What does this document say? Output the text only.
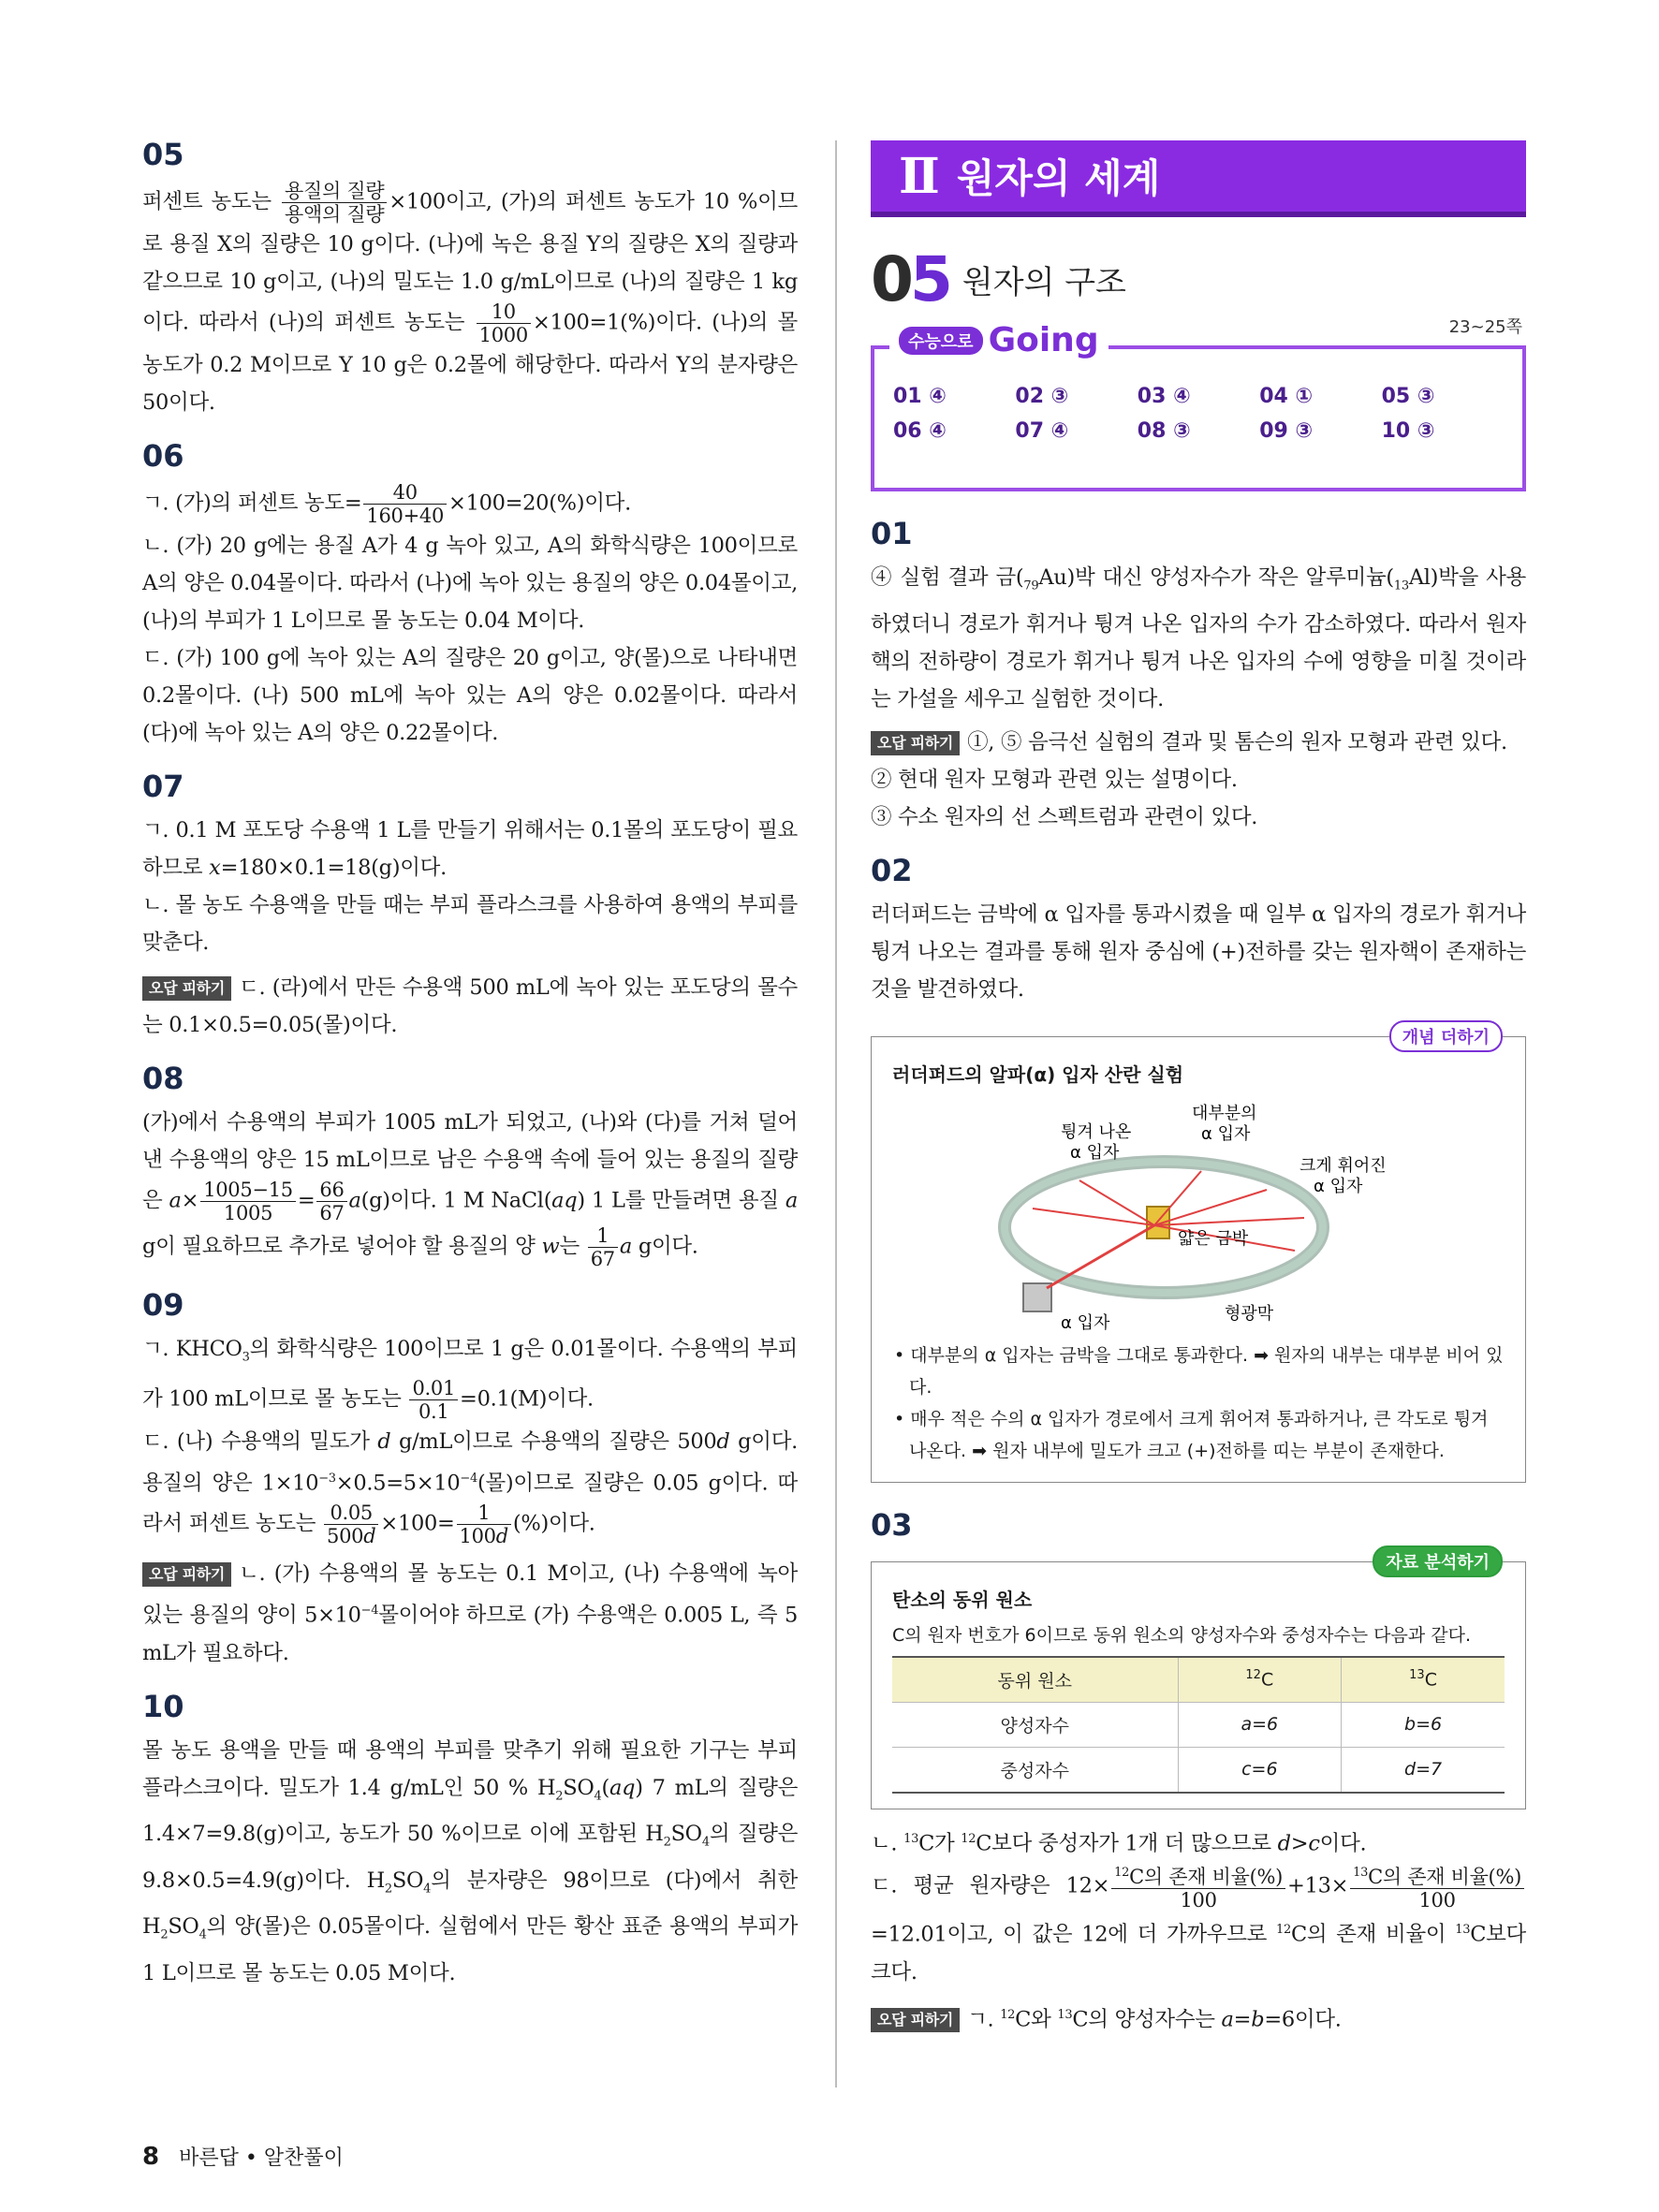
05

퍼센트 농도는 $\frac{\text{용질의 질량}}{\text{용액의 질량}} \times 100$이고, (가)의 퍼센트 농도가 10 %이므로 용질 X의 질량은 10 g이다. (나)에 녹은 용질 Y의 질량은 X의 질량과 같으므로 10 g이고, (나)의 밀도는 1.0 g/mL이므로 (나)의 질량은 1 kg이다. 따라서 (나)의 퍼센트 농도는 $\frac{10}{1000} \times 100=1(\%)$이다. (나)의 몰 농도가 0.2 M이므로 Y 10 g은 0.2몰에 해당한다. 따라서 Y의 분자량은 50이다.

06

ㄱ. (가)의 퍼센트 농도= $\frac{40}{160+40} \times 100=20(\%)$이다.
ㄴ. (가) 20 g에는 용질 A가 4 g 녹아 있고, A의 화학식량은 100이므로 A의 양은 0.04몰이다. 따라서 (나)에 녹아 있는 용질의 양은 0.04몰이고, (나)의 부피가 1 L이므로 몰 농도는 0.04 M이다.
ㄷ. (가) 100 g에 녹아 있는 A의 질량은 20 g이고, 양(몰)으로 나타내면 0.2몰이다. (나) 500 mL에 녹아 있는 A의 양은 0.02몰이다. 따라서 (다)에 녹아 있는 A의 양은 0.22몰이다.

07

ㄱ. 0.1 M 포도당 수용액 1 L를 만들기 위해서는 0.1몰의 포도당이 필요하므로 x=180×0.1=18(g)이다.
ㄴ. 몰 농도 수용액을 만들 때는 부피 플라스크를 사용하여 용액의 부피를 맞춘다.

오답 피하기 ㄷ. (라)에서 만든 수용액 500 mL에 녹아 있는 포도당의 몰수는 0.1×0.5=0.05(몰)이다.

08

(가)에서 수용액의 부피가 1005 mL가 되었고, (나)와 (다)를 거쳐 덜어낸 수용액의 양은 15 mL이므로 남은 수용액 속에 들어 있는 용질의 질량은 $a\times \frac{1005-15}{1005} = \frac{66}{67} a(g)$이다. 1 M NaCl(aq) 1 L를 만들려면 용질 a g이 필요하므로 추가로 넣어야 할 용질의 양 w는 $\frac{1}{67}$ a g이다.

09

ㄱ. $KHCO_3$의 화학식량은 100이므로 1 g은 0.01몰이다. 수용액의 부피가 100 mL이므로 몰 농도는 $\frac{0.01}{0.1} =0.1(M)$이다.
ㄷ. (나) 수용액의 밀도가 d g/mL이므로 수용액의 질량은 500d g이다. 용질의 양은 $1\times 10^{-3}\times 0.5=5\times 10^{-4}$(몰)이므로 질량은 0.05 g이다. 따라서 퍼센트 농도는 $\frac{0.05}{500d} \times 100= \frac{1}{100d}$ (%)이다.

오답 피하기 ㄴ. (가) 수용액의 몰 농도는 0.1 M이고, (나) 수용액에 녹아 있는 용질의 양이 $5\times 10^{-4}$몰이어야 하므로 (가) 수용액은 0.005 L, 즉 5 mL가 필요하다.

10

몰 농도 용액을 만들 때 용액의 부피를 맞추기 위해 필요한 기구는 부피 플라스크이다. 밀도가 1.4 g/mL인 50 % $H_2SO_4(aq)$ 7 mL의 질량은 1.4×7=9.8(g)이고, 농도가 50 %이므로 이에 포함된 $H_2SO_4$의 질량은 9.8×0.5=4.9(g)이다. $H_2SO_4$의 분자량은 98이므로 (다)에서 취한 $H_2SO_4$의 양(몰)은 0.05몰이다. 실험에서 만든 황산 표준 용액의 부피가 1 L이므로 몰 농도는 0.05 M이다.

Ⅱ 원자의 세계
05 원자의 구조
수능으로 Going	23~25쪽
01 ④	02 ③	03 ④	04 ①	05 ③
06 ④	07 ④	08 ③	09 ③	10 ③
01

④ 실험 결과 금$(_{79}Au)$박 대신 양성자수가 작은 알루미늄$(_{13}Al)$박을 사용하였더니 경로가 휘거나 튕겨 나온 입자의 수가 감소하였다. 따라서 원자핵의 전하량이 경로가 휘거나 튕겨 나온 입자의 수에 영향을 미칠 것이라는 가설을 세우고 실험한 것이다.

오답 피하기 ①, ⑤ 음극선 실험의 결과 및 톰슨의 원자 모형과 관련 있다.
② 현대 원자 모형과 관련 있는 설명이다.
③ 수소 원자의 선 스펙트럼과 관련이 있다.

02

러더퍼드는 금박에 α 입자를 통과시켰을 때 일부 α 입자의 경로가 휘거나 튕겨 나오는 결과를 통해 원자 중심에 (+)전하를 갖는 원자핵이 존재하는 것을 발견하였다.

개념 더하기
러더퍼드의 알파(α) 입자 산란 실험
튕겨 나온
α 입자
대부분의
α 입자
크게 휘어진
α 입자
얇은 금박
α 입자	형광막
• 대부분의 α 입자는 금박을 그대로 통과한다. ➡ 원자의 내부는 대부분 비어 있다.
• 매우 적은 수의 α 입자가 경로에서 크게 휘어져 통과하거나, 큰 각도로 튕겨 나온다. ➡ 원자 내부에 밀도가 크고 (+)전하를 띠는 부분이 존재한다.
03
자료 분석하기
탄소의 동위 원소
C의 원자 번호가 6이므로 동위 원소의 양성자수와 중성자수는 다음과 같다.
동위 원소	$^{12}$C	$^{13}$C
양성자수	a=6	b=6
중성자수	c=6	d=7

ㄴ. $^{13}$C가 $^{12}$C보다 중성자가 1개 더 많으므로 d>c이다.
ㄷ. 평균 원자량은 $12\times \frac{^{12}C의 존재 비율(\%)}{100} +13\times \frac{^{13}C의 존재 비율(\%)}{100}$
=12.01이고, 이 값은 12에 더 가까우므로 $^{12}$C의 존재 비율이 $^{13}$C보다 크다.

오답 피하기 ㄱ. $^{12}$C와 $^{13}$C의 양성자수는 a=b=6이다.

8 바른답 • 알찬풀이
